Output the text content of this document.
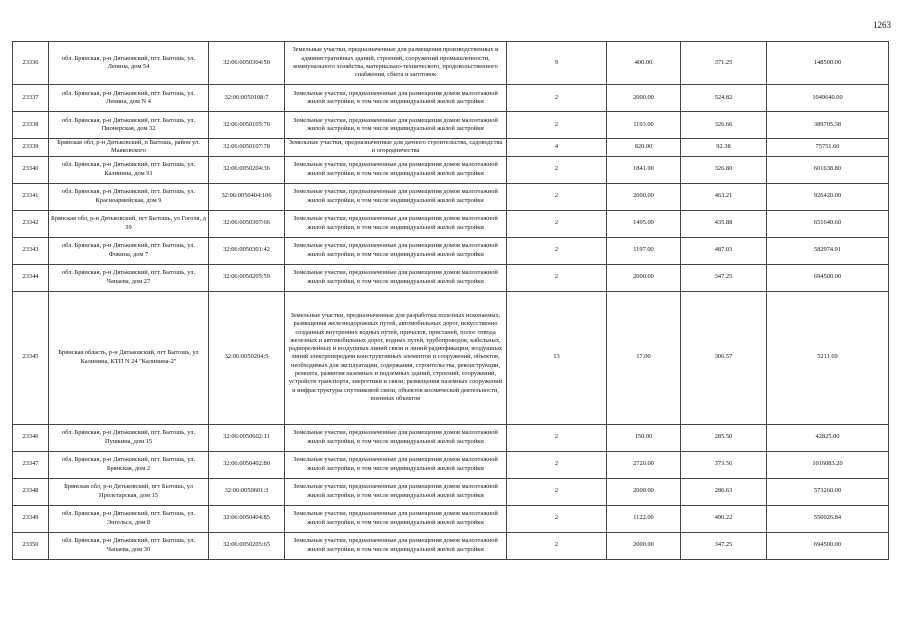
1263
23336	обл. Брянская, р-н Дятьковский, пгт. Бытошь, ул. Ленина, дом 54	32:06:0050304:50	Земельные участки, предназначенные для размещения производственных и административных зданий, строений, сооружений промышленности, коммунального хозяйства, материально-технического, продовольственного снабжения, сбыта и заготовок	9	400.00	371.25	148500.00
23337	обл. Брянская, р-н Дятьковский, пгт. Бытошь, ул. Ленина, дом N 4	32:06:0050108:7	Земельные участки, предназначенные для размещения домов малоэтажной жилой застройки, в том числе индивидуальной жилой застройки	2	2000.00	524.82	1049640.00
23338	обл. Брянская, р-н Дятьковский, пгт. Бытошь, ул. Пионерская, дом 32	32:06:0050105:76	Земельные участки, предназначенные для размещения домов малоэтажной жилой застройки, в том числе индивидуальной жилой застройки	2	1193.00	326.66	389705.38
23339	Брянская обл, р-н Дятьковский, п Бытошь, район ул. Маяковского	32:06:0050107:78	Земельные участки, предназначенные для дачного строительства, садоводства и огородничества	4	820.00	92.38	75751.60
23340	обл. Брянская, р-н Дятьковский, пгт. Бытошь, ул. Калинина, дом 91	32:06:0050204:36	Земельные участки, предназначенные для размещения домов малоэтажной жилой застройки, в том числе индивидуальной жилой застройки	2	1841.00	326.80	601638.80
23341	обл. Брянская, р-н Дятьковский, пгт. Бытошь, ул. Красноармейская, дом 9	32:06:0050404:106	Земельные участки, предназначенные для размещения домов малоэтажной жилой застройки, в том числе индивидуальной жилой застройки	2	2000.00	463.21	926420.00
23342	Брянская обл, р-н Дятьковский, пгт Бытошь, ул Гоголя, д 39	32:06:0050307:66	Земельные участки, предназначенные для размещения домов малоэтажной жилой застройки, в том числе индивидуальной жилой застройки	2	1495.00	435.88	651640.60
23343	обл. Брянская, р-н Дятьковский, пгт. Бытошь, ул. Фокина, дом 7	32:06:0050301:42	Земельные участки, предназначенные для размещения домов малоэтажной жилой застройки, в том числе индивидуальной жилой застройки	2	1197.00	487.03	582974.91
23344	обл. Брянская, р-н Дятьковский, пгт. Бытошь, ул. Чапаева, дом 27	32:06:0050205:59	Земельные участки, предназначенные для размещения домов малоэтажной жилой застройки, в том числе индивидуальной жилой застройки	2	2000.00	347.25	694500.00
23345	Брянская область, р-н Дятьковский, пгт Бытошь, ул Калинина, КТП N 24 "Калинина-2"	32:06:0050204:5	Земельные участки, предназначенные для разработки полезных ископаемых, размещения железнодорожных путей, автомобильных дорог, искусственно созданных внутренних водных путей, причалов, пристаней, полос отвода железных и автомобильных дорог, водных путей, трубопроводов, кабельных, радиорелейных и воздушных линий связи и линий радиофикации, воздушных линий электропередачи конструктивных элементов и сооружений, объектов, необходимых для эксплуатации, содержания, строительства, реконструкции, ремонта, развития наземных и подземных зданий, строений, сооружений, устройств транспорта, энергетики и связи; размещения наземных сооружений и инфраструктуры спутниковой связи, объектов космической деятельности, военных объектов	13	17.00	306.57	5211.69
23346	обл. Брянская, р-н Дятьковский, пгт. Бытошь, ул. Пушкина, дом 15	32:06:0050602:11	Земельные участки, предназначенные для размещения домов малоэтажной жилой застройки, в том числе индивидуальной жилой застройки	2	150.00	285.50	42825.00
23347	обл. Брянская, р-н Дятьковский, пгт. Бытошь, ул. Брянская, дом 2	32:06:0050402:80	Земельные участки, предназначенные для размещения домов малоэтажной жилой застройки, в том числе индивидуальной жилой застройки	2	2720.00	373.56	1016083.20
23348	Брянская обл, р-н Дятьковский, пгт Бытошь, ул Пролетарская, дом 15	32:06:0050601:3	Земельные участки, предназначенные для размещения домов малоэтажной жилой застройки, в том числе индивидуальной жилой застройки	2	2000.00	286.63	573260.00
23349	обл. Брянская, р-н Дятьковский, пгт. Бытошь, ул. Энгельса, дом 8	32:06:0050404:85	Земельные участки, предназначенные для размещения домов малоэтажной жилой застройки, в том числе индивидуальной жилой застройки	2	1122.00	490.22	550026.84
23350	обл. Брянская, р-н Дятьковский, пгт. Бытошь, ул. Чапаева, дом 30	32:06:0050205:65	Земельные участки, предназначенные для размещения домов малоэтажной жилой застройки, в том числе индивидуальной жилой застройки	2	2000.00	347.25	694500.00
